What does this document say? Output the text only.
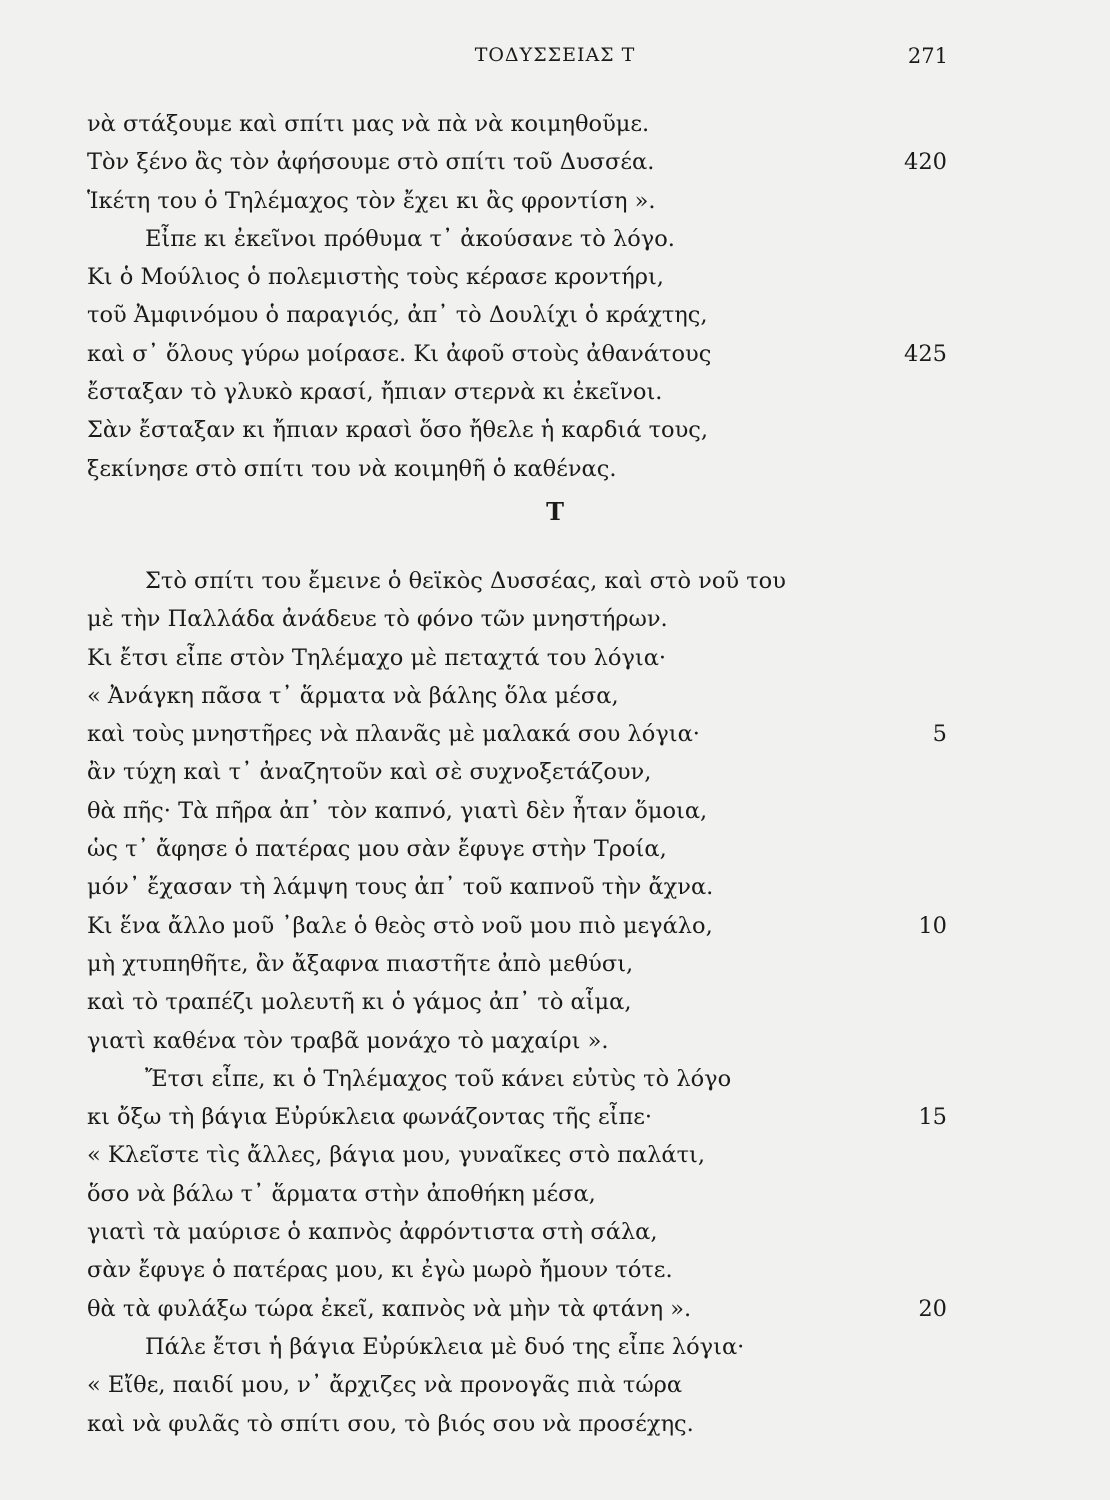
ΤΟΔΥΣΣΕΙΑΣ Τ	271
νὰ στάξουμε καὶ σπίτι μας νὰ πὰ νὰ κοιμηθοῦμε.
Τὸν ξένο ἂς τὸν ἀφήσουμε στὸ σπίτι τοῦ Δυσσέα.	420
Ἱκέτη του ὁ Τηλέμαχος τὸν ἔχει κι ἂς φροντίση ».
Εἶπε κι ἐκεῖνοι πρόθυμα τ᾿ ἀκούσανε τὸ λόγο.
Κι ὁ Μούλιος ὁ πολεμιστὴς τοὺς κέρασε κροντήρι,
τοῦ Ἀμφινόμου ὁ παραγιός, ἀπ᾿ τὸ Δουλίχι ὁ κράχτης,
καὶ σ᾿ ὅλους γύρω μοίρασε. Κι ἀφοῦ στοὺς ἀθανάτους	425
ἔσταξαν τὸ γλυκὸ κρασί, ἤπιαν στερνὰ κι ἐκεῖνοι.
Σὰν ἔσταξαν κι ἤπιαν κρασὶ ὅσο ἤθελε ἡ καρδιά τους,
ξεκίνησε στὸ σπίτι του νὰ κοιμηθῆ ὁ καθένας.
Τ
Στὸ σπίτι του ἔμεινε ὁ θεϊκὸς Δυσσέας, καὶ στὸ νοῦ του
μὲ τὴν Παλλάδα ἀνάδευε τὸ φόνο τῶν μνηστήρων.
Κι ἔτσι εἶπε στὸν Τηλέμαχο μὲ πεταχτά του λόγια·
« Ἀνάγκη πᾶσα τ᾿ ἅρματα νὰ βάλης ὅλα μέσα,
καὶ τοὺς μνηστῆρες νὰ πλανᾶς μὲ μαλακά σου λόγια·	5
ἂν τύχη καὶ τ᾿ ἀναζητοῦν καὶ σὲ συχνοξετάζουν,
θὰ πῆς· Τὰ πῆρα ἀπ᾿ τὸν καπνό, γιατὶ δὲν ἦταν ὅμοια,
ὡς τ᾿ ἄφησε ὁ πατέρας μου σὰν ἔφυγε στὴν Τροία,
μόν᾿ ἔχασαν τὴ λάμψη τους ἀπ᾿ τοῦ καπνοῦ τὴν ἄχνα.
Κι ἕνα ἄλλο μοῦ ᾿βαλε ὁ θεὸς στὸ νοῦ μου πιὸ μεγάλο,	10
μὴ χτυπηθῆτε, ἂν ἄξαφνα πιαστῆτε ἀπὸ μεθύσι,
καὶ τὸ τραπέζι μολευτῆ κι ὁ γάμος ἀπ᾿ τὸ αἷμα,
γιατὶ καθένα τὸν τραβᾶ μονάχο τὸ μαχαίρι ».
Ἔτσι εἶπε, κι ὁ Τηλέμαχος τοῦ κάνει εὐτὺς τὸ λόγο
κι ὄξω τὴ βάγια Εὐρύκλεια φωνάζοντας τῆς εἶπε·	15
« Κλεῖστε τὶς ἄλλες, βάγια μου, γυναῖκες στὸ παλάτι,
ὅσο νὰ βάλω τ᾿ ἅρματα στὴν ἀποθήκη μέσα,
γιατὶ τὰ μαύρισε ὁ καπνὸς ἀφρόντιστα στὴ σάλα,
σὰν ἔφυγε ὁ πατέρας μου, κι ἐγὼ μωρὸ ἤμουν τότε.
θὰ τὰ φυλάξω τώρα ἐκεῖ, καπνὸς νὰ μὴν τὰ φτάνη ».	20
Πάλε ἔτσι ἡ βάγια Εὐρύκλεια μὲ δυό της εἶπε λόγια·
« Εἴθε, παιδί μου, ν᾿ ἄρχιζες νὰ προνογᾶς πιὰ τώρα
καὶ νὰ φυλᾶς τὸ σπίτι σου, τὸ βιός σου νὰ προσέχης.
